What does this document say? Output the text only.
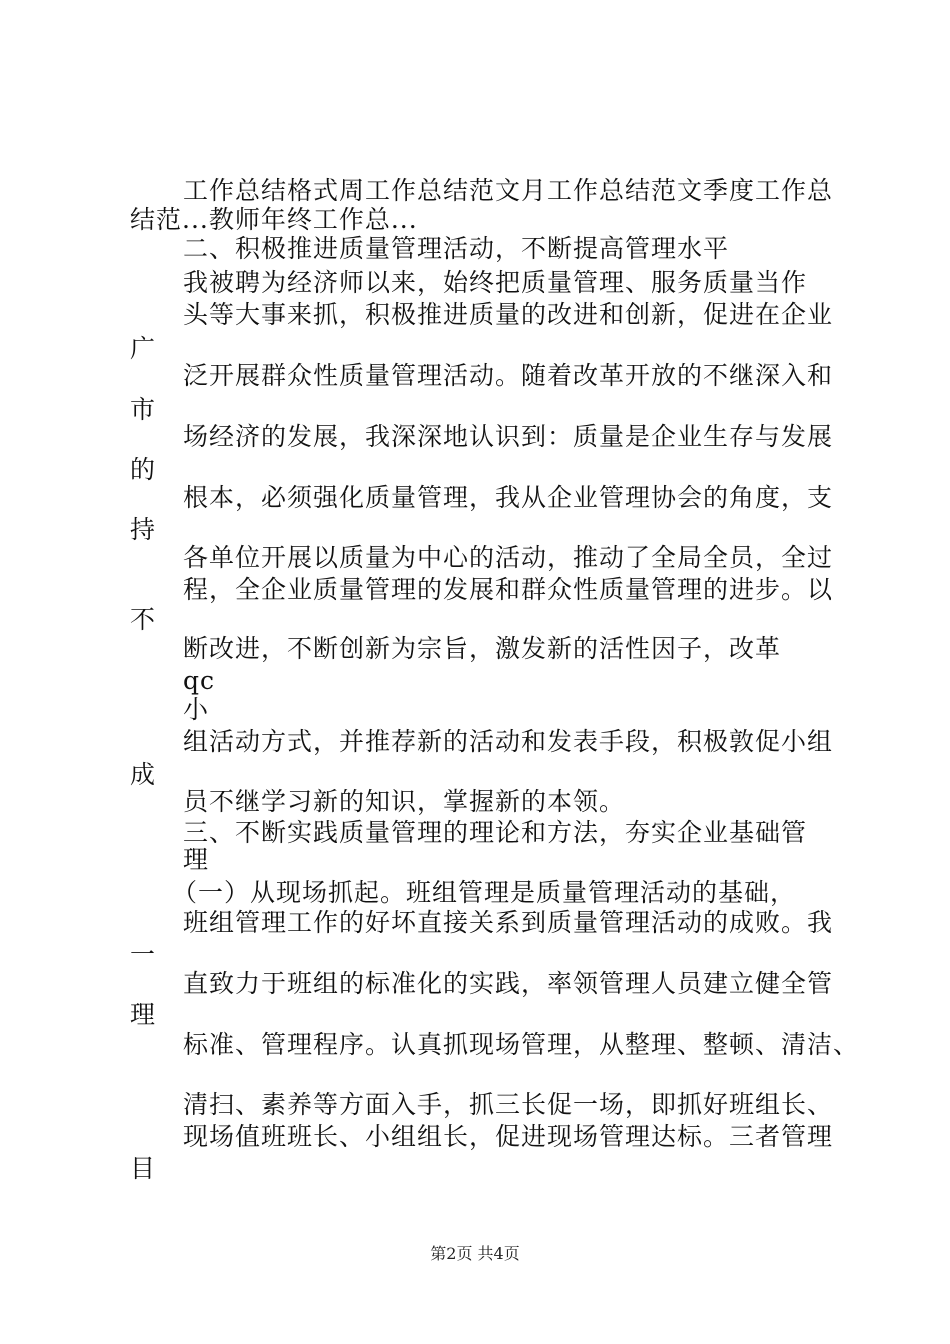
工作总结格式周工作总结范文月工作总结范文季度工作总
结范...教师年终工作总...
二、积极推进质量管理活动，不断提高管理水平
我被聘为经济师以来，始终把质量管理、服务质量当作
头等大事来抓，积极推进质量的改进和创新，促进在企业
广
泛开展群众性质量管理活动。随着改革开放的不继深入和
市
场经济的发展，我深深地认识到：质量是企业生存与发展
的
根本，必须强化质量管理，我从企业管理协会的角度，支
持
各单位开展以质量为中心的活动，推动了全局全员，全过
程，全企业质量管理的发展和群众性质量管理的进步。以
不
断改进，不断创新为宗旨，激发新的活性因子，改革
qc
小
组活动方式，并推荐新的活动和发表手段，积极敦促小组
成
员不继学习新的知识，掌握新的本领。
三、不断实践质量管理的理论和方法，夯实企业基础管
理
（一）从现场抓起。班组管理是质量管理活动的基础，
班组管理工作的好坏直接关系到质量管理活动的成败。我
一
直致力于班组的标准化的实践，率领管理人员建立健全管
理
标准、管理程序。认真抓现场管理，从整理、整顿、清洁、
清扫、素养等方面入手，抓三长促一场，即抓好班组长、
现场值班班长、小组组长，促进现场管理达标。三者管理
目
第2页 共4页
